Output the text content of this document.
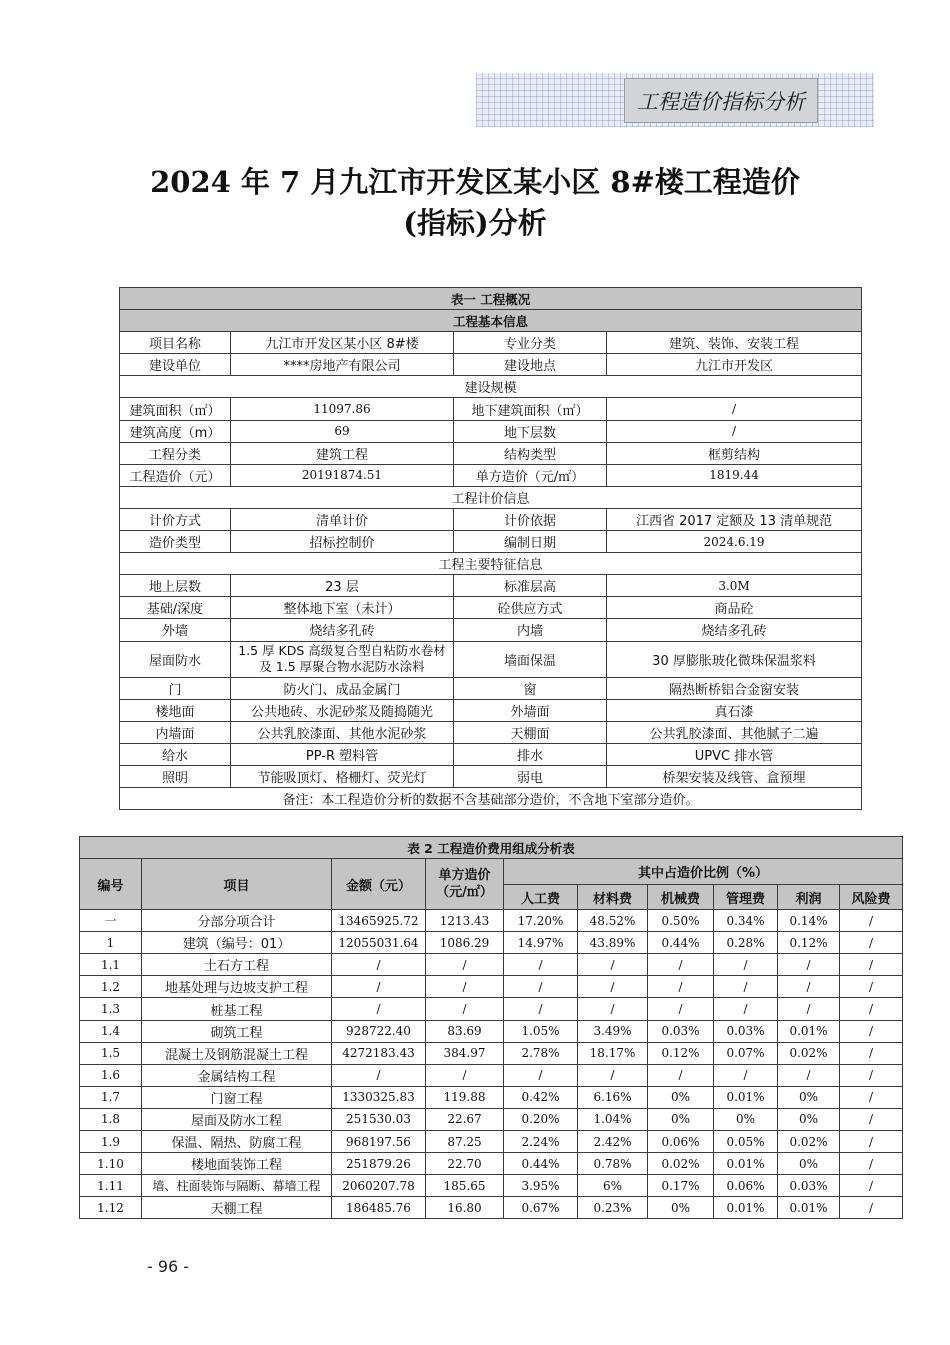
工程造价指标分析
2024 年 7 月九江市开发区某小区 8#楼工程造价
(指标)分析
表一 工程概况			
工程基本信息			
项目名称	九江市开发区某小区 8#楼	专业分类	建筑、装饰、安装工程
建设单位	****房地产有限公司	建设地点	九江市开发区
建设规模			
建筑面积（㎡）	11097.86	地下建筑面积（㎡）	/
建筑高度（m）	69	地下层数	/
工程分类	建筑工程	结构类型	框剪结构
工程造价（元）	20191874.51	单方造价（元/㎡）	1819.44
工程计价信息			
计价方式	清单计价	计价依据	江西省 2017 定额及 13 清单规范
造价类型	招标控制价	编制日期	2024.6.19
工程主要特征信息			
地上层数	23 层	标准层高	3.0M
基础/深度	整体地下室（未计）	砼供应方式	商品砼
外墙	烧结多孔砖	内墙	烧结多孔砖
屋面防水	1.5 厚 KDS 高级复合型自粘防水卷材及 1.5 厚聚合物水泥防水涂料	墙面保温	30 厚膨胀玻化微珠保温浆料
门	防火门、成品金属门	窗	隔热断桥铝合金窗安装
楼地面	公共地砖、水泥砂浆及随捣随光	外墙面	真石漆
内墙面	公共乳胶漆面、其他水泥砂浆	天棚面	公共乳胶漆面、其他腻子二遍
给水	PP-R 塑料管	排水	UPVC 排水管
照明	节能吸顶灯、格栅灯、荧光灯	弱电	桥架安装及线管、盒预埋
备注：本工程造价分析的数据不含基础部分造价，不含地下室部分造价。			
表 2 工程造价费用组成分析表									
编号	项目	金额（元）	单方造价（元/㎡）	其中占造价比例（%）					
				人工费	材料费	机械费	管理费	利润	风险费
一	分部分项合计	13465925.72	1213.43	17.20%	48.52%	0.50%	0.34%	0.14%	/
1	建筑（编号：01）	12055031.64	1086.29	14.97%	43.89%	0.44%	0.28%	0.12%	/
1.1	土石方工程	/	/	/	/	/	/	/	/
1.2	地基处理与边坡支护工程	/	/	/	/	/	/	/	/
1.3	桩基工程	/	/	/	/	/	/	/	/
1.4	砌筑工程	928722.40	83.69	1.05%	3.49%	0.03%	0.03%	0.01%	/
1.5	混凝土及钢筋混凝土工程	4272183.43	384.97	2.78%	18.17%	0.12%	0.07%	0.02%	/
1.6	金属结构工程	/	/	/	/	/	/	/	/
1.7	门窗工程	1330325.83	119.88	0.42%	6.16%	0%	0.01%	0%	/
1.8	屋面及防水工程	251530.03	22.67	0.20%	1.04%	0%	0%	0%	/
1.9	保温、隔热、防腐工程	968197.56	87.25	2.24%	2.42%	0.06%	0.05%	0.02%	/
1.10	楼地面装饰工程	251879.26	22.70	0.44%	0.78%	0.02%	0.01%	0%	/
1.11	墙、柱面装饰与隔断、幕墙工程	2060207.78	185.65	3.95%	6%	0.17%	0.06%	0.03%	/
1.12	天棚工程	186485.76	16.80	0.67%	0.23%	0%	0.01%	0.01%	/
- 96 -
